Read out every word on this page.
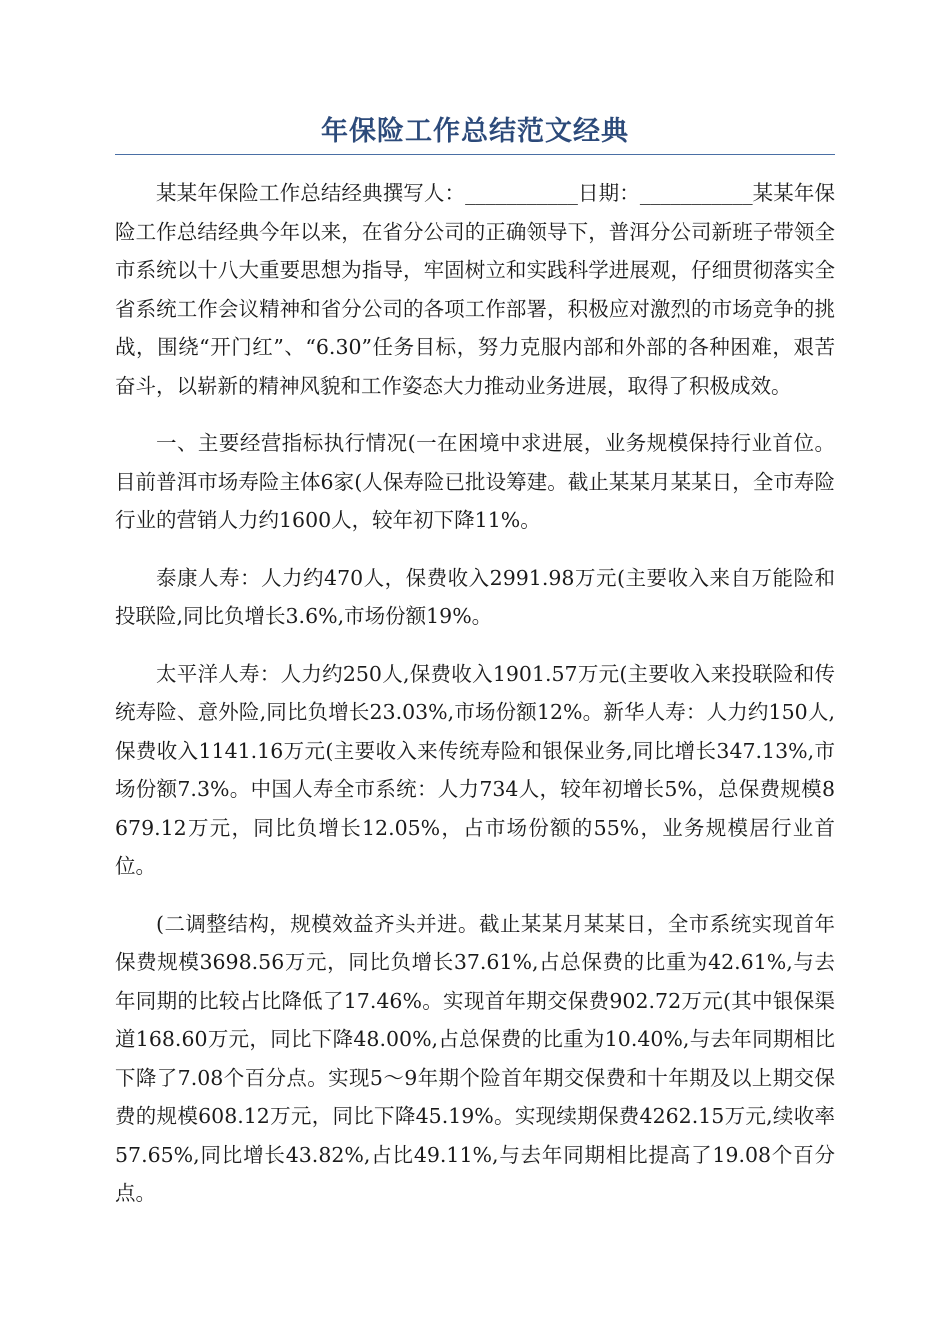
年保险工作总结范文经典

某某年保险工作总结经典撰写人：___________日期：___________某某年保险工作总结经典今年以来，在省分公司的正确领导下，普洱分公司新班子带领全市系统以十八大重要思想为指导，牢固树立和实践科学进展观，仔细贯彻落实全省系统工作会议精神和省分公司的各项工作部署，积极应对激烈的市场竞争的挑战，围绕“开门红”、“6.30”任务目标，努力克服内部和外部的各种困难，艰苦奋斗，以崭新的精神风貌和工作姿态大力推动业务进展，取得了积极成效。

一、主要经营指标执行情况(一在困境中求进展，业务规模保持行业首位。目前普洱市场寿险主体6家(人保寿险已批设筹建。截止某某月某某日，全市寿险行业的营销人力约1600人，较年初下降11%。

泰康人寿：人力约470人，保费收入2991.98万元(主要收入来自万能险和投联险,同比负增长3.6%,市场份额19%。

太平洋人寿：人力约250人,保费收入1901.57万元(主要收入来投联险和传统寿险、意外险,同比负增长23.03%,市场份额12%。新华人寿：人力约150人,保费收入1141.16万元(主要收入来传统寿险和银保业务,同比增长347.13%,市场份额7.3%。中国人寿全市系统：人力734人，较年初增长5%，总保费规模8679.12万元，同比负增长12.05%，占市场份额的55%，业务规模居行业首位。

(二调整结构，规模效益齐头并进。截止某某月某某日，全市系统实现首年保费规模3698.56万元，同比负增长37.61%,占总保费的比重为42.61%,与去年同期的比较占比降低了17.46%。实现首年期交保费902.72万元(其中银保渠道168.60万元，同比下降48.00%,占总保费的比重为10.40%,与去年同期相比下降了7.08个百分点。实现5～9年期个险首年期交保费和十年期及以上期交保费的规模608.12万元，同比下降45.19%。实现续期保费4262.15万元,续收率57.65%,同比增长43.82%,占比49.11%,与去年同期相比提高了19.08个百分点。
